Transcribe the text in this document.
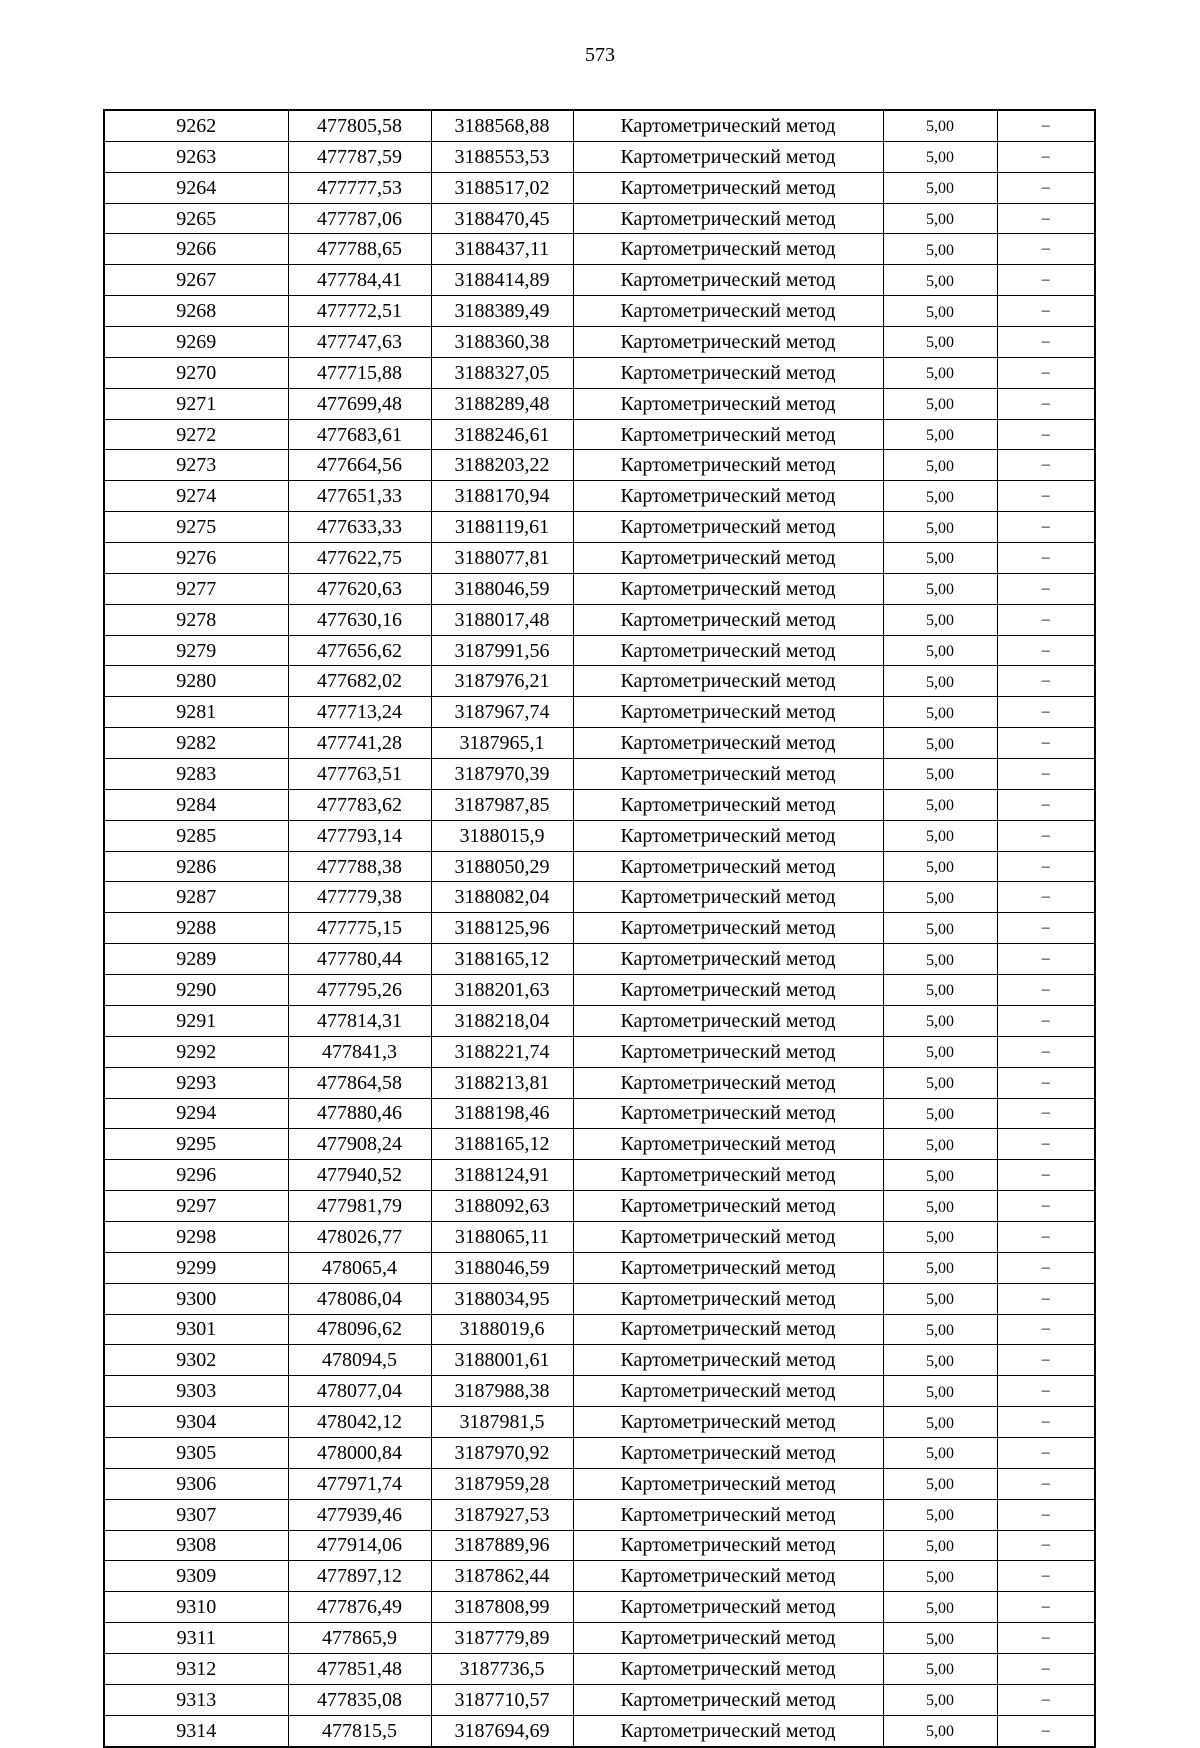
573
9262	477805,58	3188568,88	Картометрический метод	5,00	–
9263	477787,59	3188553,53	Картометрический метод	5,00	–
9264	477777,53	3188517,02	Картометрический метод	5,00	–
9265	477787,06	3188470,45	Картометрический метод	5,00	–
9266	477788,65	3188437,11	Картометрический метод	5,00	–
9267	477784,41	3188414,89	Картометрический метод	5,00	–
9268	477772,51	3188389,49	Картометрический метод	5,00	–
9269	477747,63	3188360,38	Картометрический метод	5,00	–
9270	477715,88	3188327,05	Картометрический метод	5,00	–
9271	477699,48	3188289,48	Картометрический метод	5,00	–
9272	477683,61	3188246,61	Картометрический метод	5,00	–
9273	477664,56	3188203,22	Картометрический метод	5,00	–
9274	477651,33	3188170,94	Картометрический метод	5,00	–
9275	477633,33	3188119,61	Картометрический метод	5,00	–
9276	477622,75	3188077,81	Картометрический метод	5,00	–
9277	477620,63	3188046,59	Картометрический метод	5,00	–
9278	477630,16	3188017,48	Картометрический метод	5,00	–
9279	477656,62	3187991,56	Картометрический метод	5,00	–
9280	477682,02	3187976,21	Картометрический метод	5,00	–
9281	477713,24	3187967,74	Картометрический метод	5,00	–
9282	477741,28	3187965,1	Картометрический метод	5,00	–
9283	477763,51	3187970,39	Картометрический метод	5,00	–
9284	477783,62	3187987,85	Картометрический метод	5,00	–
9285	477793,14	3188015,9	Картометрический метод	5,00	–
9286	477788,38	3188050,29	Картометрический метод	5,00	–
9287	477779,38	3188082,04	Картометрический метод	5,00	–
9288	477775,15	3188125,96	Картометрический метод	5,00	–
9289	477780,44	3188165,12	Картометрический метод	5,00	–
9290	477795,26	3188201,63	Картометрический метод	5,00	–
9291	477814,31	3188218,04	Картометрический метод	5,00	–
9292	477841,3	3188221,74	Картометрический метод	5,00	–
9293	477864,58	3188213,81	Картометрический метод	5,00	–
9294	477880,46	3188198,46	Картометрический метод	5,00	–
9295	477908,24	3188165,12	Картометрический метод	5,00	–
9296	477940,52	3188124,91	Картометрический метод	5,00	–
9297	477981,79	3188092,63	Картометрический метод	5,00	–
9298	478026,77	3188065,11	Картометрический метод	5,00	–
9299	478065,4	3188046,59	Картометрический метод	5,00	–
9300	478086,04	3188034,95	Картометрический метод	5,00	–
9301	478096,62	3188019,6	Картометрический метод	5,00	–
9302	478094,5	3188001,61	Картометрический метод	5,00	–
9303	478077,04	3187988,38	Картометрический метод	5,00	–
9304	478042,12	3187981,5	Картометрический метод	5,00	–
9305	478000,84	3187970,92	Картометрический метод	5,00	–
9306	477971,74	3187959,28	Картометрический метод	5,00	–
9307	477939,46	3187927,53	Картометрический метод	5,00	–
9308	477914,06	3187889,96	Картометрический метод	5,00	–
9309	477897,12	3187862,44	Картометрический метод	5,00	–
9310	477876,49	3187808,99	Картометрический метод	5,00	–
9311	477865,9	3187779,89	Картометрический метод	5,00	–
9312	477851,48	3187736,5	Картометрический метод	5,00	–
9313	477835,08	3187710,57	Картометрический метод	5,00	–
9314	477815,5	3187694,69	Картометрический метод	5,00	–
